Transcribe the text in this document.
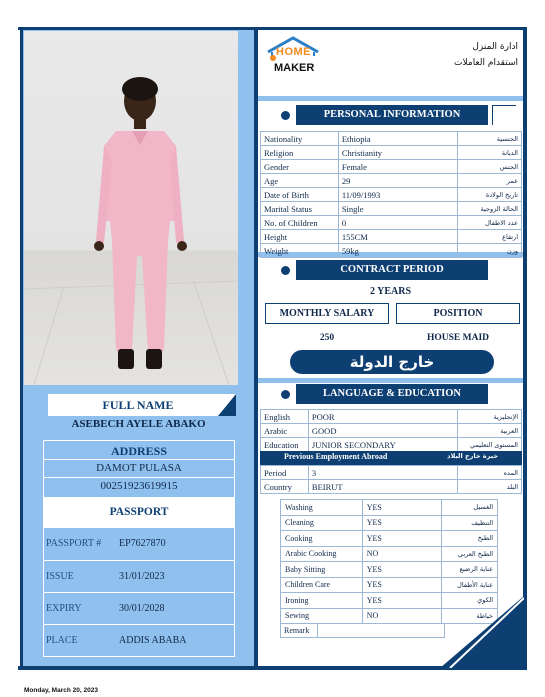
HOME
MAKER
ادارة المنزل
استقدام العاملات
PERSONAL INFORMATION
Nationality	Ethiopia	الجنسية
Religion	Christianity	الديانة
Gender	Female	الجنس
Age	29	عمر
Date of Birth	11/09/1993	تاريخ الولادة
Marital Status	Single	الحالة الزوجية
No. of Children	0	عدد الاطفال
Height	155CM	ارتفاع
Weight	59kg	وزن
CONTRACT PERIOD
2 YEARS
MONTHLY SALARY	POSITION
250	HOUSE MAID
خارج الدولة
LANGUAGE & EDUCATION
English	POOR	الإنجليزية
Arabic	GOOD	العربية
Education	JUNIOR SECONDARY	المستوى التعليمي
Previous Employment Abroad	خبرة خارج البلاد
Period	3	المده
Country	BEIRUT	البلد
Washing	YES	الغسيل
Cleaning	YES	التنظيف
Cooking	YES	الطبخ
Arabic Cooking	NO	الطبخ العربي
Baby Sitting	YES	عناية الرضيع
Children Care	YES	عناية الأطفال
Ironing	YES	الكوي
Sewing	NO	خياطة
Remark
FULL NAME
ASEBECH AYELE ABAKO
ADDRESS
DAMOT PULASA
00251923619915
PASSPORT
PASSPORT # EP7627870
ISSUE	31/01/2023
EXPIRY	30/01/2028
PLACE	ADDIS ABABA
Monday, March 20, 2023
